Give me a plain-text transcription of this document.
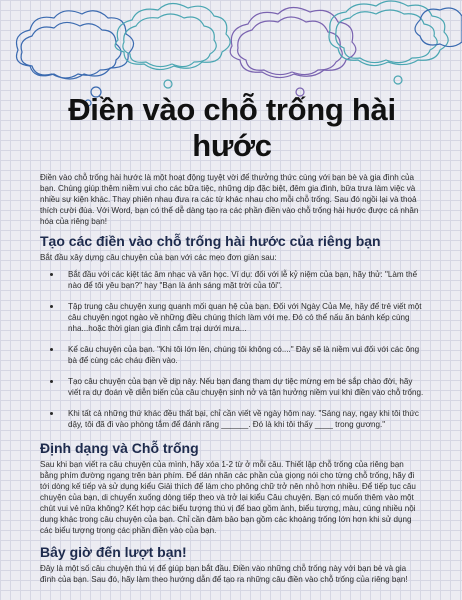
Điền vào chỗ trống hài hước

Điền vào chỗ trống hài hước là một hoạt động tuyệt vời để thưởng thức cùng với bạn bè và gia đình của bạn. Chúng giúp thêm niềm vui cho các bữa tiệc, những dịp đặc biệt, đêm gia đình, bữa trưa làm việc và nhiều sự kiện khác. Thay phiên nhau đưa ra các từ khác nhau cho mỗi chỗ trống. Sau đó ngồi lại và thoả thích cười đùa. Với Word, bạn có thể dễ dàng tạo ra các phần điền vào chỗ trống hài hước được cá nhân hóa của riêng bạn!

Tạo các điền vào chỗ trống hài hước của riêng bạn

Bắt đầu xây dựng câu chuyện của bạn với các mẹo đơn giản sau:

• Bắt đầu với các kiệt tác âm nhạc và văn học. Ví dụ: đối với lễ kỷ niệm của bạn, hãy thử: "Làm thế nào để tôi yêu bạn?" hay "Bạn là ánh sáng mặt trời của tôi".
• Tập trung câu chuyện xung quanh mối quan hệ của bạn. Đối với Ngày Của Mẹ, hãy để trẻ viết một câu chuyện ngọt ngào về những điều chúng thích làm với mẹ. Đó có thể nấu ăn bánh kếp cùng nha...hoặc thời gian gia đình cắm trại dưới mưa...
• Kể câu chuyện của bạn. "Khi tôi lớn lên, chúng tôi không có...." Đây sẽ là niềm vui đối với các ông bà để cùng các cháu điền vào.
• Tạo câu chuyện của bạn về dịp này. Nếu bạn đang tham dự tiệc mừng em bé sắp chào đời, hãy viết ra dự đoán về diễn biến của câu chuyện sinh nở và tận hưởng niềm vui khi điền vào chỗ trống.
• Khi tất cả những thứ khác đều thất bại, chỉ cần viết về ngày hôm nay. "Sáng nay, ngay khi tôi thức dậy, tôi đã đi vào phòng tắm để đánh răng ______. Đó là khi tôi thấy ____ trong gương."
Định dạng và Chỗ trống

Sau khi bạn viết ra câu chuyện của mình, hãy xóa 1-2 từ ở mỗi câu. Thiết lập chỗ trống của riêng bạn bằng phím đường ngang trên bàn phím. Để dán nhãn các phần của giọng nói cho từng chỗ trống, hãy đi tới dòng kế tiếp và sử dụng kiểu Giải thích để làm cho phông chữ trở nên nhỏ hơn nhiều. Để tiếp tục câu chuyện của bạn, di chuyển xuống dòng tiếp theo và trở lại kiểu Câu chuyện. Bạn có muốn thêm vào một chút vui vẻ nữa không? Kết hợp các biểu tượng thú vị để bao gồm ảnh, biểu tượng, màu, cùng nhiều nội dung khác trong câu chuyện của bạn. Chỉ cần đảm bảo bạn gồm các khoảng trống lớn hơn khi sử dụng các biểu tượng trong các phần điền vào của bạn.

Bây giờ đến lượt bạn!

Đây là một số câu chuyện thú vị để giúp bạn bắt đầu. Điền vào những chỗ trống này với bạn bè và gia đình của bạn. Sau đó, hãy làm theo hướng dẫn để tạo ra những câu điền vào chỗ trống của riêng bạn!
